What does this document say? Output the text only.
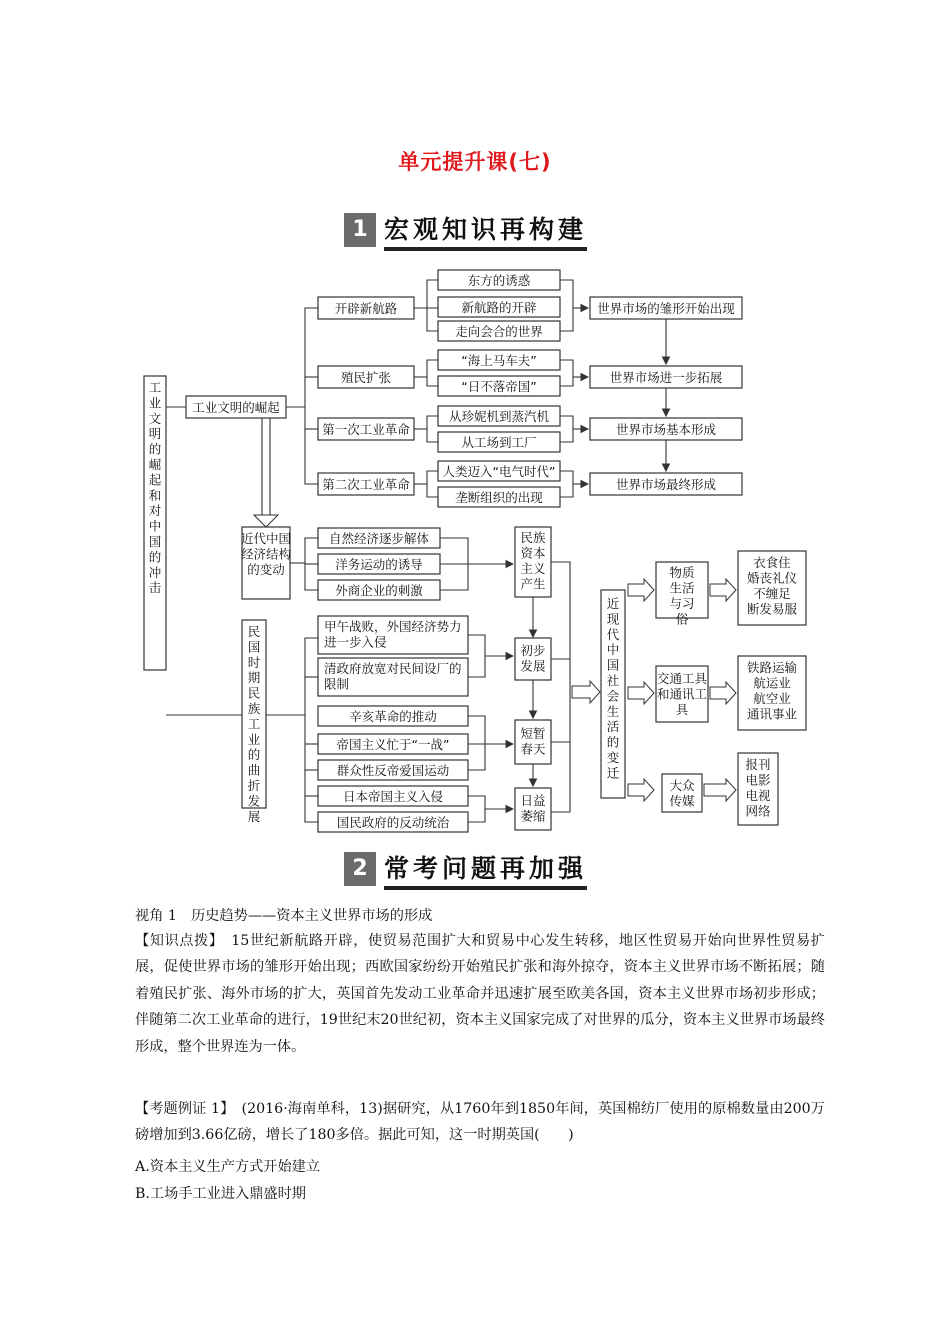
单元提升课(七)
1 宏观知识再构建
工业文明的崛起和对中国的冲击
工业文明的崛起
开辟新航路
东方的诱惑
新航路的开辟
走向会合的世界
世界市场的雏形开始出现
殖民扩张
“海上马车夫”
“日不落帝国”
世界市场进一步拓展
第一次工业革命
从珍妮机到蒸汽机
从工场到工厂
世界市场基本形成
第二次工业革命
人类迈入“电气时代”
垄断组织的出现
世界市场最终形成
近代中国经济结构的变动
自然经济逐步解体
洋务运动的诱导
外商企业的刺激
民族资本主义产生
民国时期民族工业的曲折发展
甲午战败，外国经济势力进一步入侵
清政府放宽对民间设厂的限制
辛亥革命的推动
帝国主义忙于“一战”
群众性反帝爱国运动
日本帝国主义入侵
国民政府的反动统治
初步发展
短暂春天
日益萎缩
近现代中国社会生活的变迁
物质生活与习俗
交通工具和通讯工具
大众传媒
衣食住婚丧礼仪不缠足断发易服
铁路运输航运业航空业通讯事业
报刊电影电视网络
2 常考问题再加强
视角 1　历史趋势——资本主义世界市场的形成
【知识点拨】　15世纪新航路开辟，使贸易范围扩大和贸易中心发生转移，地区性贸易开始向世界性贸易扩展，促使世界市场的雏形开始出现；西欧国家纷纷开始殖民扩张和海外掠夺，资本主义世界市场不断拓展；随着殖民扩张、海外市场的扩大，英国首先发动工业革命并迅速扩展至欧美各国，资本主义世界市场初步形成；伴随第二次工业革命的进行，19世纪末20世纪初，资本主义国家完成了对世界的瓜分，资本主义世界市场最终形成，整个世界连为一体。
【考题例证 1】　(2016·海南单科，13)据研究，从1760年到1850年间，英国棉纺厂使用的原棉数量由200万磅增加到3.66亿磅，增长了180多倍。据此可知，这一时期英国(　　)
A.资本主义生产方式开始建立
B.工场手工业进入鼎盛时期
